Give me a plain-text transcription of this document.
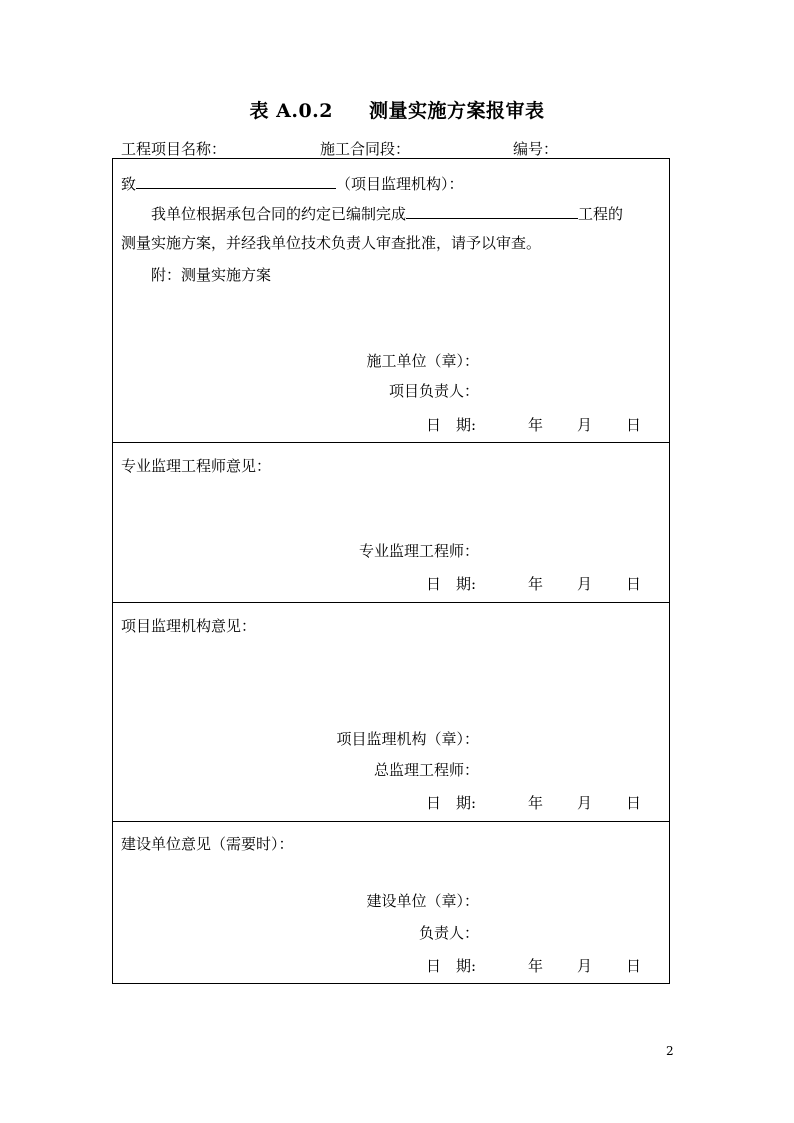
表 A.0.2 测量实施方案报审表
工程项目名称：	施工合同段：	编号：
致	（项目监理机构）：
我单位根据承包合同的约定已编制完成	工程的
测量实施方案，并经我单位技术负责人审查批准，请予以审查。
附：测量实施方案
施工单位（章）：
项目负责人：
日　期:	年 月 日
专业监理工程师意见：
专业监理工程师：
日　期:	年 月 日
项目监理机构意见：
项目监理机构（章）：
总监理工程师：
日　期:	年 月 日
建设单位意见（需要时）：
建设单位（章）：
负责人：
日　期:	年 月 日
2
